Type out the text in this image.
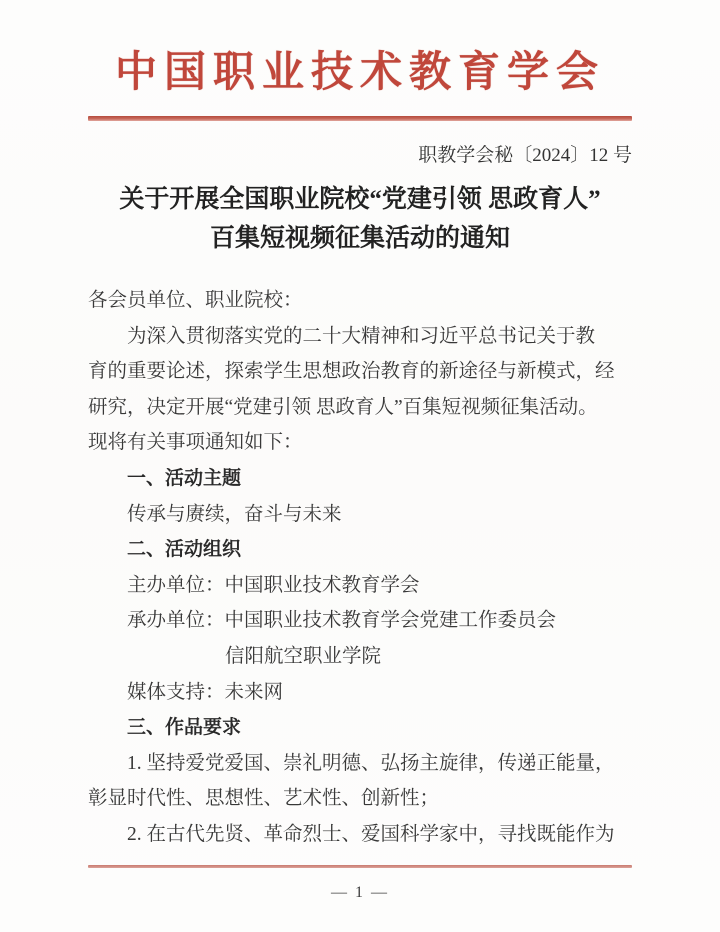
中国职业技术教育学会
职教学会秘〔2024〕12 号
关于开展全国职业院校“党建引领 思政育人”
百集短视频征集活动的通知
各会员单位、职业院校：
为深入贯彻落实党的二十大精神和习近平总书记关于教
育的重要论述，探索学生思想政治教育的新途径与新模式，经
研究，决定开展“党建引领 思政育人”百集短视频征集活动。
现将有关事项通知如下：
一、活动主题
传承与赓续，奋斗与未来
二、活动组织
主办单位：中国职业技术教育学会
承办单位：中国职业技术教育学会党建工作委员会
信阳航空职业学院
媒体支持：未来网
三、作品要求
1. 坚持爱党爱国、崇礼明德、弘扬主旋律，传递正能量，
彰显时代性、思想性、艺术性、创新性；
2. 在古代先贤、革命烈士、爱国科学家中，寻找既能作为
— 1 —
